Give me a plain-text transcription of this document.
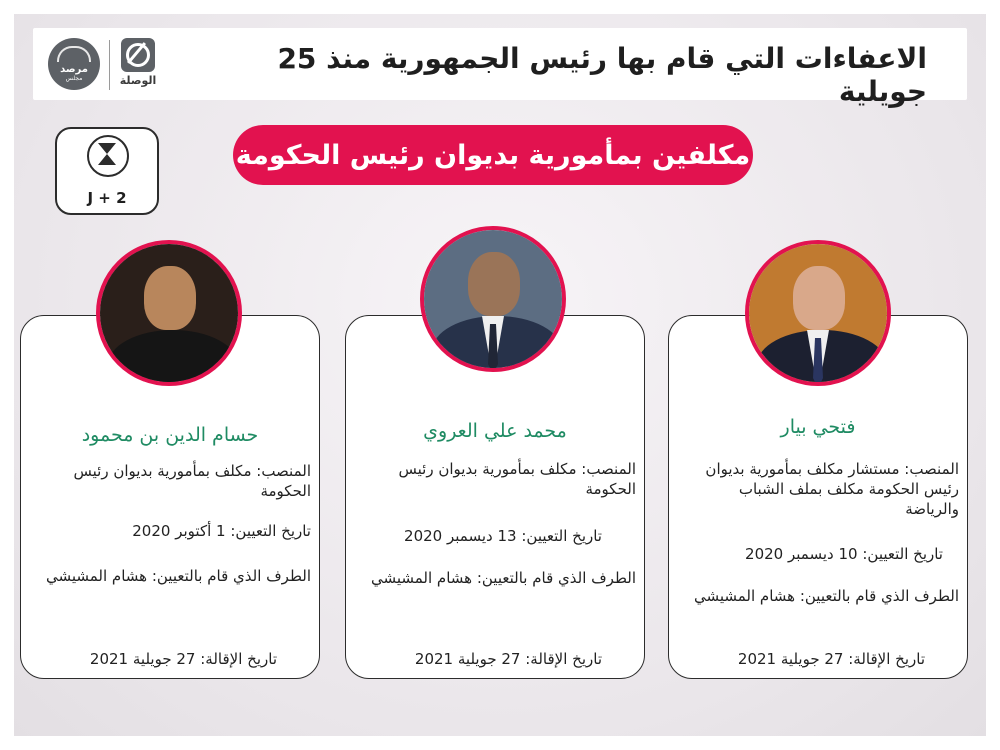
الاعفاءات التي قام بها رئيس الجمهورية منذ 25 جويلية
مرصد
مجلس	الوصلة
مكلفين بمأمورية بديوان رئيس الحكومة
J + 2
حسام الدين بن محمود
المنصب: مكلف بمأمورية بديوان رئيس الحكومة
تاريخ التعيين: 1 أكتوبر 2020
الطرف الذي قام بالتعيين: هشام المشيشي
تاريخ الإقالة: 27 جويلية 2021
محمد علي العروي
المنصب: مكلف بمأمورية بديوان رئيس الحكومة
تاريخ التعيين: 13 ديسمبر 2020
الطرف الذي قام بالتعيين: هشام المشيشي
تاريخ الإقالة: 27 جويلية 2021
فتحي بيار
المنصب: مستشار مكلف بمأمورية بديوان رئيس الحكومة مكلف بملف الشباب والرياضة
تاريخ التعيين: 10 ديسمبر 2020
الطرف الذي قام بالتعيين: هشام المشيشي
تاريخ الإقالة: 27 جويلية 2021
